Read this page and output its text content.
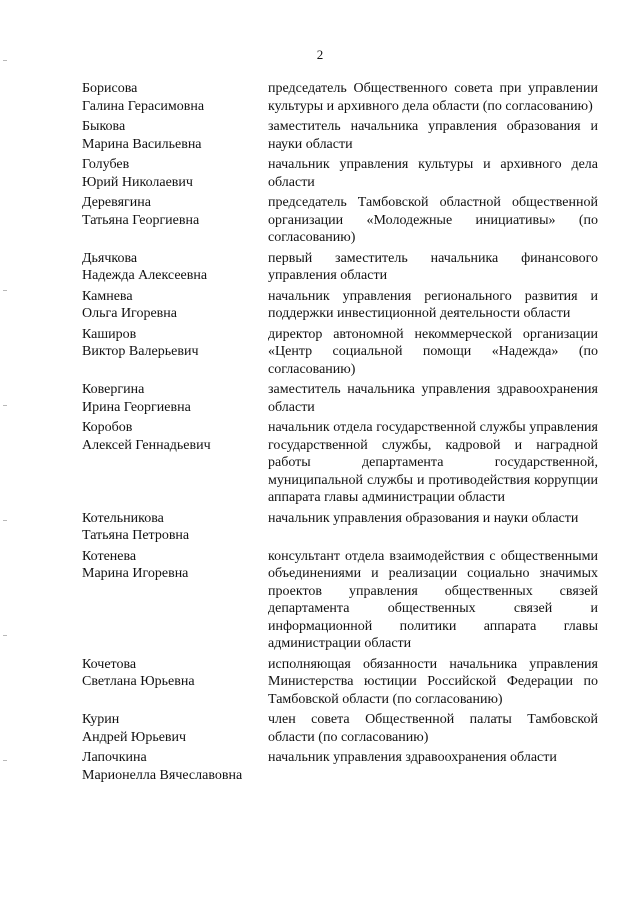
2
Борисова
Галина Герасимовна
председатель Общественного совета при управлении культуры и архивного дела области (по согласованию)
Быкова
Марина Васильевна
заместитель начальника управления образования и науки области
Голубев
Юрий Николаевич
начальник управления культуры и архивного дела области
Деревягина
Татьяна Георгиевна
председатель Тамбовской областной общественной организации «Молодежные инициативы» (по согласованию)
Дьячкова
Надежда Алексеевна
первый заместитель начальника финансового управления области
Камнева
Ольга Игоревна
начальник управления регионального развития и поддержки инвестиционной деятельности области
Каширов
Виктор Валерьевич
директор автономной некоммерческой организации «Центр социальной помощи «Надежда» (по согласованию)
Ковергина
Ирина Георгиевна
заместитель начальника управления здравоохранения области
Коробов
Алексей Геннадьевич
начальник отдела государственной службы управления государственной службы, кадровой и наградной работы департамента государственной, муниципальной службы и противодействия коррупции аппарата главы администрации области
Котельникова
Татьяна Петровна
начальник управления образования и науки области
Котенева
Марина Игоревна
консультант отдела взаимодействия с общественными объединениями и реализации социально значимых проектов управления общественных связей департамента общественных связей и информационной политики аппарата главы администрации области
Кочетова
Светлана Юрьевна
исполняющая обязанности начальника управления Министерства юстиции Российской Федерации по Тамбовской области (по согласованию)
Курин
Андрей Юрьевич
член совета Общественной палаты Тамбовской области (по согласованию)
Лапочкина
Марионелла Вячеславовна
начальник управления здравоохранения области
